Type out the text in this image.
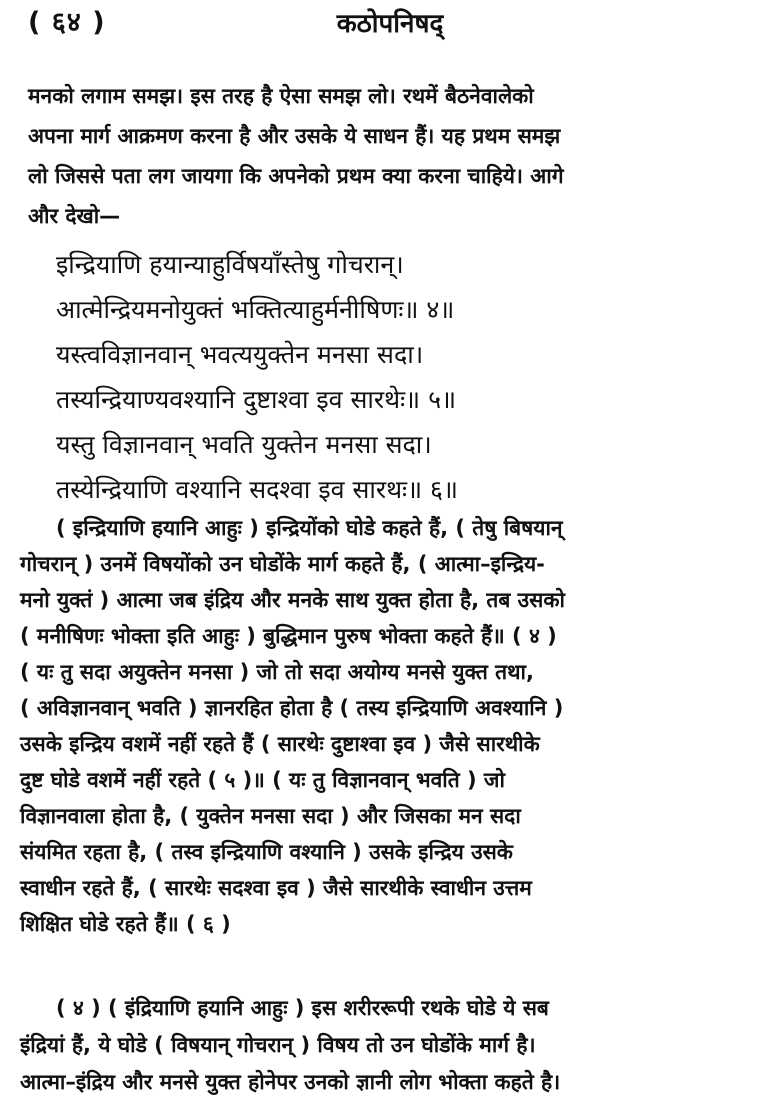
( ६४ )	कठोपनिषद्
मनको लगाम समझ। इस तरह है ऐसा समझ लो। रथमें बैठनेवालेको
अपना मार्ग आक्रमण करना है और उसके ये साधन हैं। यह प्रथम समझ
लो जिससे पता लग जायगा कि अपनेको प्रथम क्या करना चाहिये। आगे
और देखो—
इन्द्रियाणि हयान्याहुर्विषयाँस्तेषु गोचरान्।
आत्मेन्द्रियमनोयुक्तं भक्तित्याहुर्मनीषिणः॥ ४॥
यस्त्वविज्ञानवान् भवत्ययुक्तेन मनसा सदा।
तस्यन्द्रियाण्यवश्यानि दुष्टाश्वा इव सारथेः॥ ५॥
यस्तु विज्ञानवान् भवति युक्तेन मनसा सदा।
तस्येन्द्रियाणि वश्यानि सदश्वा इव सारथः॥ ६॥
( इन्द्रियाणि हयानि आहुः ) इन्द्रियोंको घोडे कहते हैं, ( तेषु बिषयान्
गोचरान् ) उनमें विषयोंको उन घोडोंके मार्ग कहते हैं, ( आत्मा–इन्द्रिय-
मनो युक्तं ) आत्मा जब इंद्रिय और मनके साथ युक्त होता है, तब उसको
( मनीषिणः भोक्ता इति आहुः ) बुद्धिमान पुरुष भोक्ता कहते हैं॥ ( ४ )
( यः तु सदा अयुक्तेन मनसा ) जो तो सदा अयोग्य मनसे युक्त तथा,
( अविज्ञानवान् भवति ) ज्ञानरहित होता है ( तस्य इन्द्रियाणि अवश्यानि )
उसके इन्द्रिय वशमें नहीं रहते हैं ( सारथेः दुष्टाश्वा इव ) जैसे सारथीके
दुष्ट घोडे वशमें नहीं रहते ( ५ )॥ ( यः तु विज्ञानवान् भवति ) जो
विज्ञानवाला होता है, ( युक्तेन मनसा सदा ) और जिसका मन सदा
संयमित रहता है, ( तस्व इन्द्रियाणि वश्यानि ) उसके इन्द्रिय उसके
स्वाधीन रहते हैं, ( सारथेः सदश्वा इव ) जैसे सारथीके स्वाधीन उत्तम
शिक्षित घोडे रहते हैं॥ ( ६ )
( ४ ) ( इंद्रियाणि हयानि आहुः ) इस शरीररूपी रथके घोडे ये सब
इंद्रियां हैं, ये घोडे ( विषयान् गोचरान् ) विषय तो उन घोडोंके मार्ग है।
आत्मा–इंद्रिय और मनसे युक्त होनेपर उनको ज्ञानी लोग भोक्ता कहते है।
